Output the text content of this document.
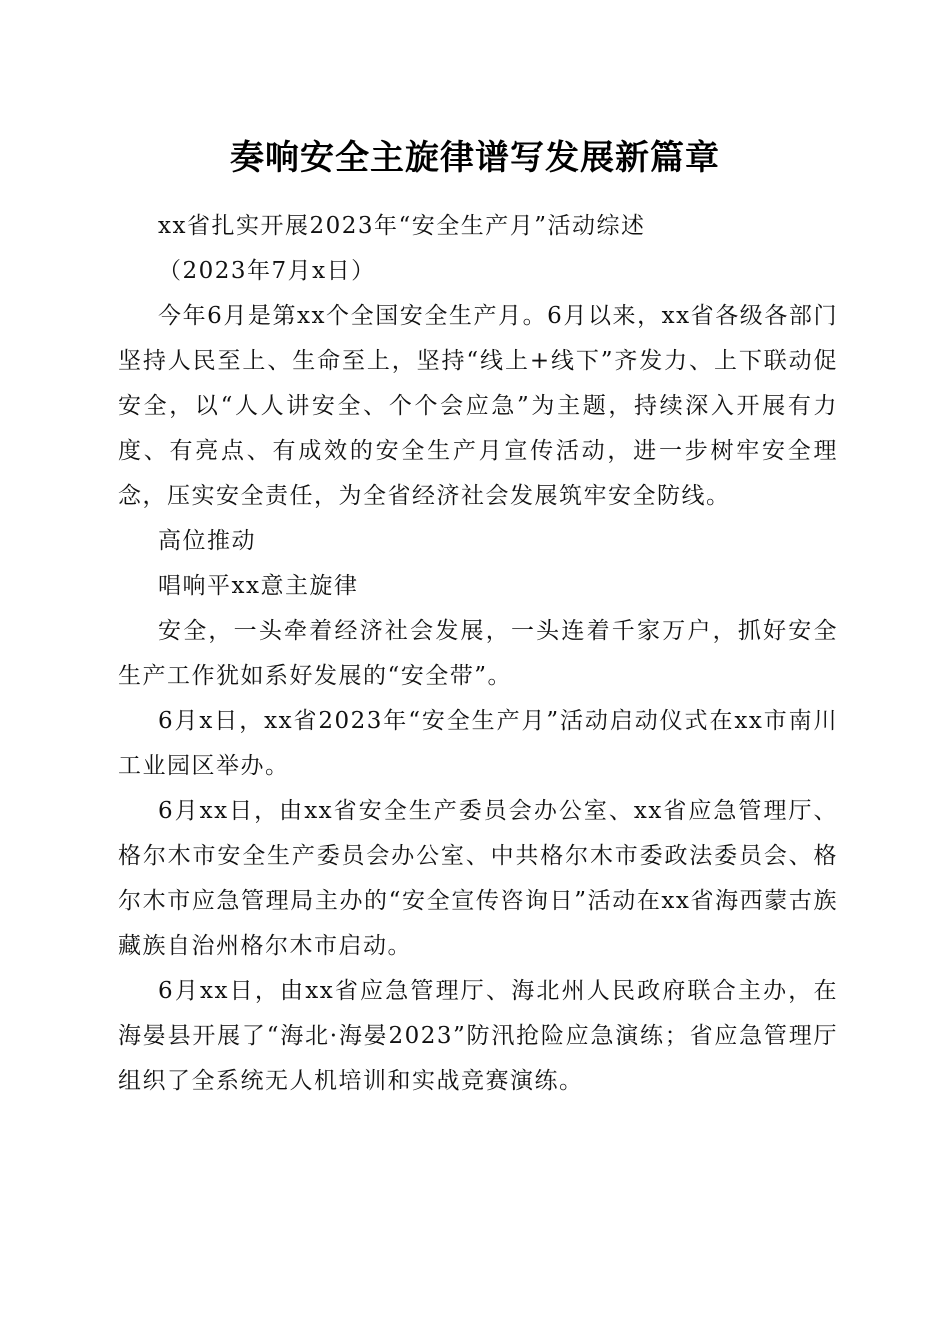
奏响安全主旋律谱写发展新篇章

xx省扎实开展2023年“安全生产月”活动综述

（2023年7月x日）

今年6月是第xx个全国安全生产月。6月以来，xx省各级各部门坚持人民至上、生命至上，坚持“线上+线下”齐发力、上下联动促安全，以“人人讲安全、个个会应急”为主题，持续深入开展有力度、有亮点、有成效的安全生产月宣传活动，进一步树牢安全理念，压实安全责任，为全省经济社会发展筑牢安全防线。

高位推动

唱响平xx意主旋律

安全，一头牵着经济社会发展，一头连着千家万户，抓好安全生产工作犹如系好发展的“安全带”。

6月x日，xx省2023年“安全生产月”活动启动仪式在xx市南川工业园区举办。

6月xx日，由xx省安全生产委员会办公室、xx省应急管理厅、格尔木市安全生产委员会办公室、中共格尔木市委政法委员会、格尔木市应急管理局主办的“安全宣传咨询日”活动在xx省海西蒙古族藏族自治州格尔木市启动。

6月xx日，由xx省应急管理厅、海北州人民政府联合主办，在海晏县开展了“海北·海晏2023”防汛抢险应急演练；省应急管理厅组织了全系统无人机培训和实战竞赛演练。
